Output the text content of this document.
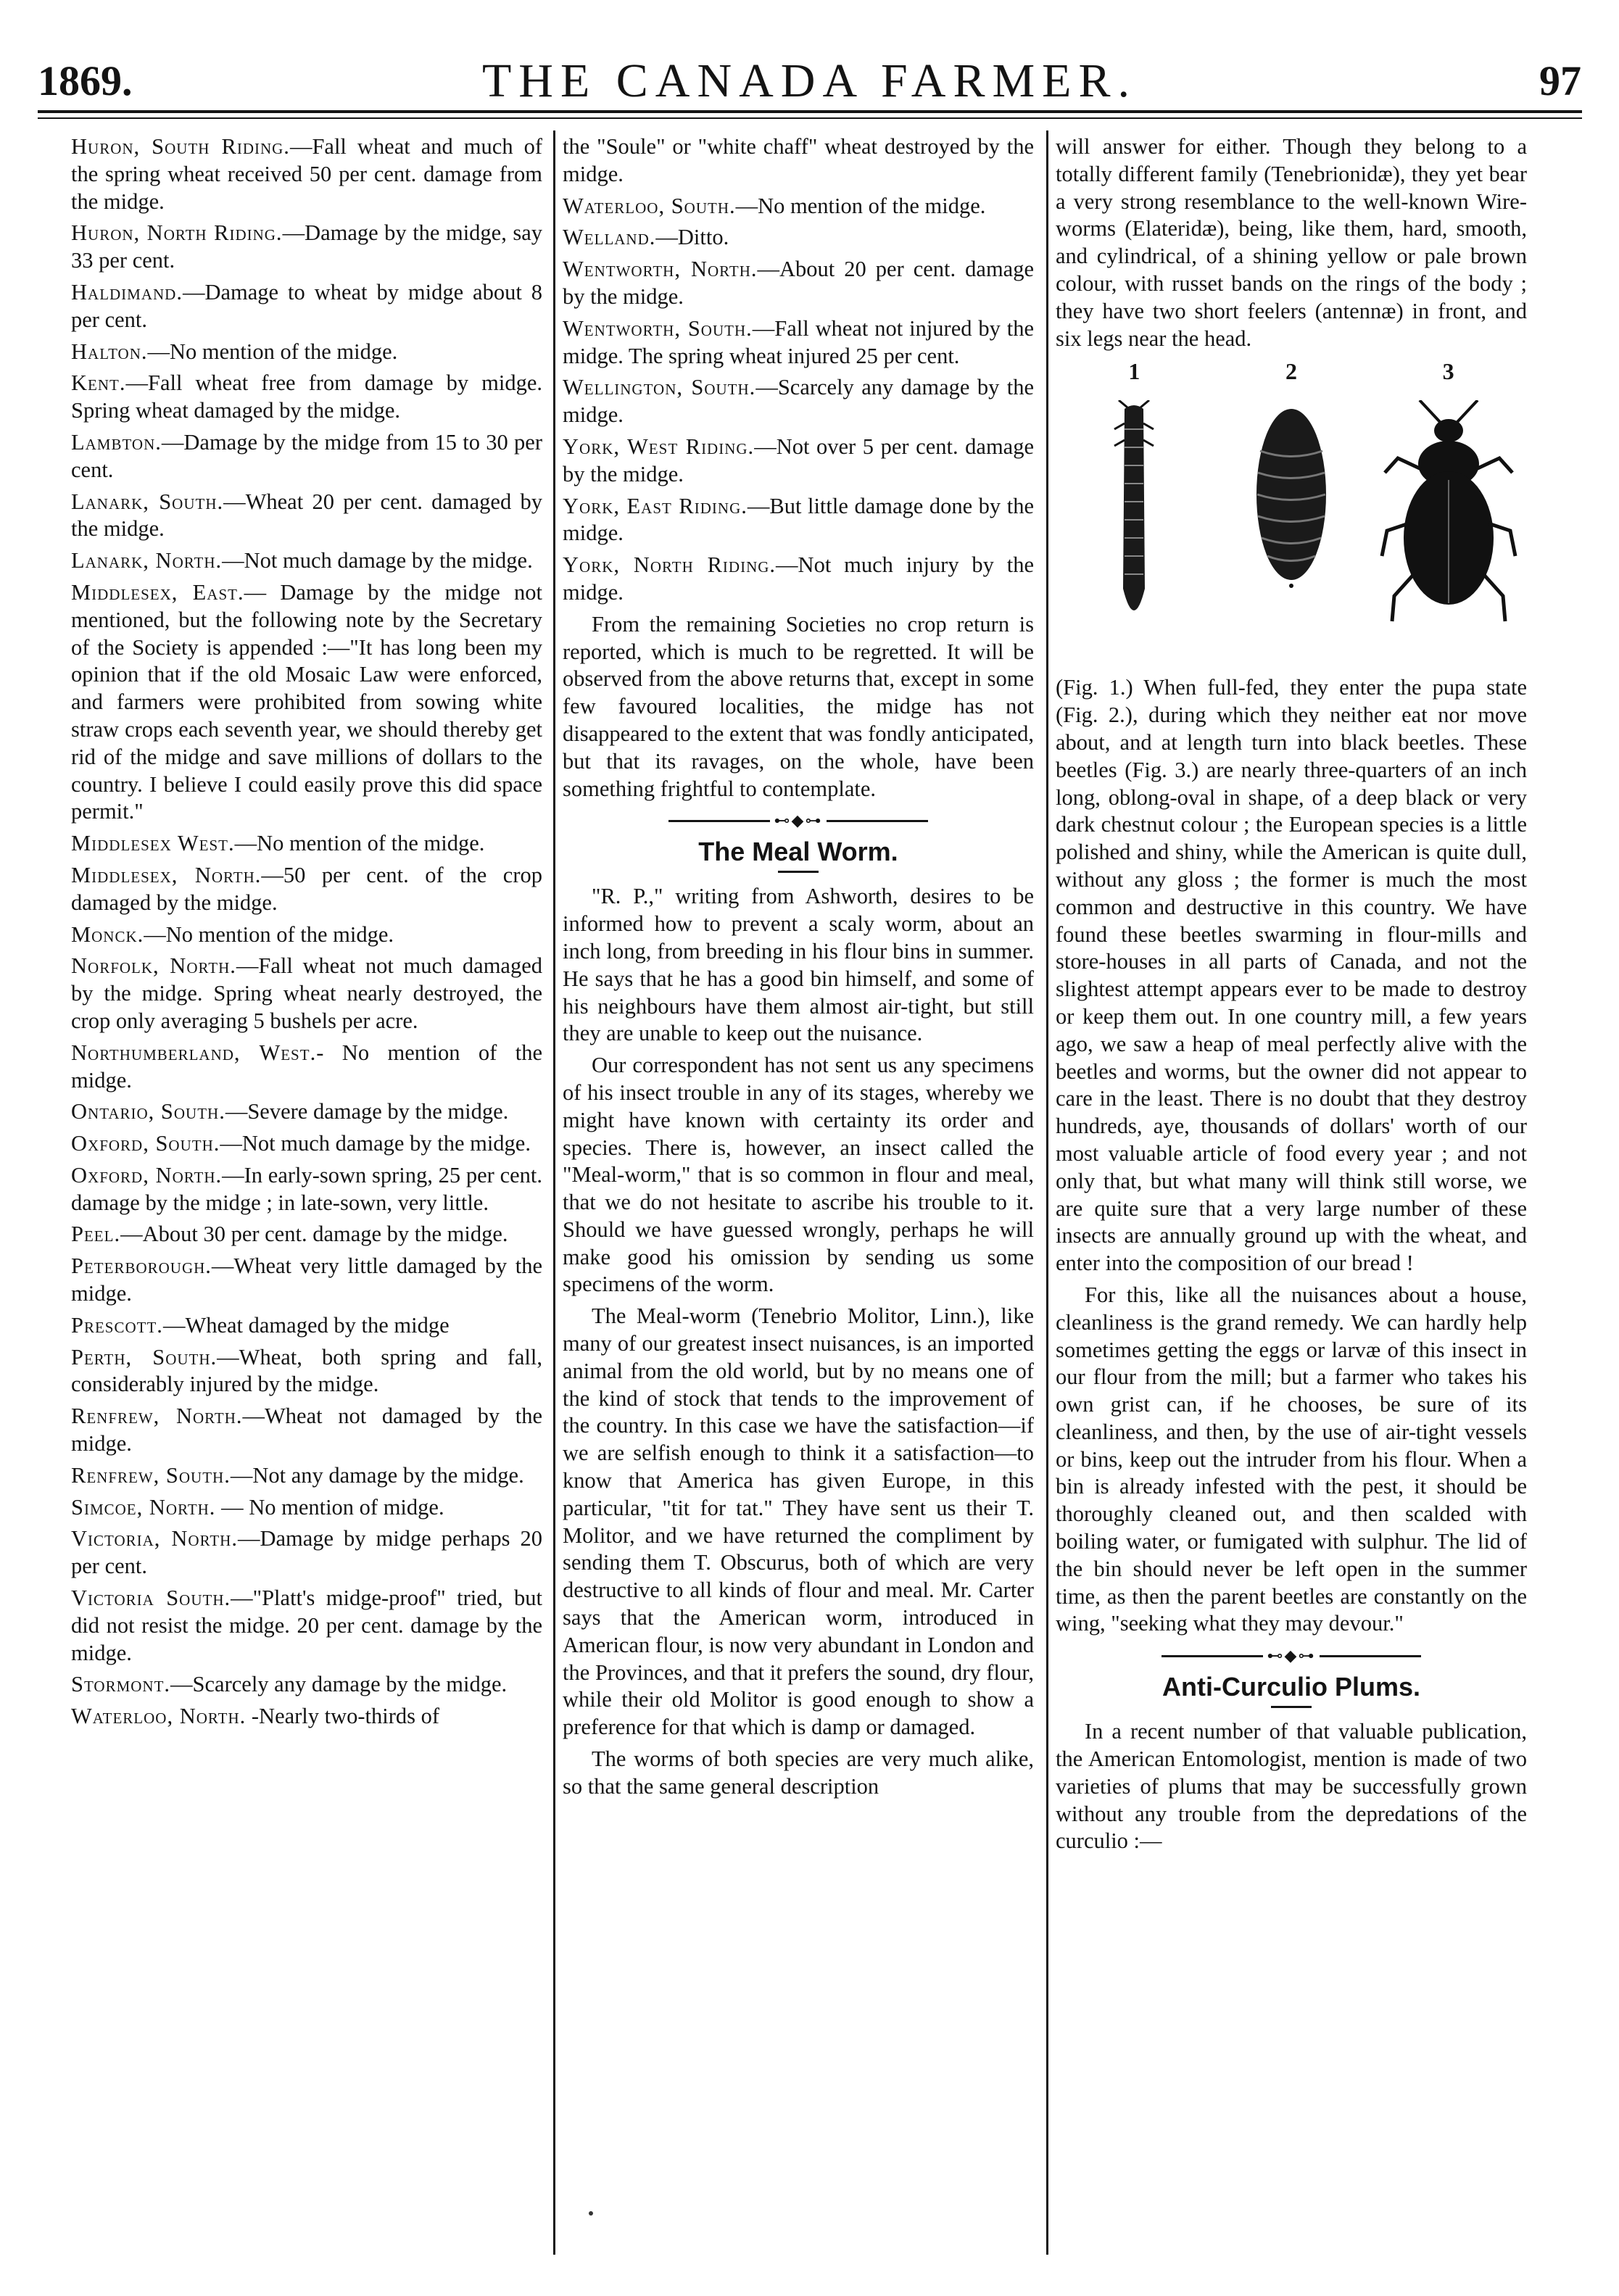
THE CANADA FARMER.
1869.	97

Huron, South Riding.—Fall wheat and much of the spring wheat received 50 per cent. damage from the midge.

Huron, North Riding.—Damage by the midge, say 33 per cent.

Haldimand.—Damage to wheat by midge about 8 per cent.

Halton.—No mention of the midge.

Kent.—Fall wheat free from damage by midge. Spring wheat damaged by the midge.

Lambton.—Damage by the midge from 15 to 30 per cent.

Lanark, South.—Wheat 20 per cent. damaged by the midge.

Lanark, North.—Not much damage by the midge.

Middlesex, East.— Damage by the midge not mentioned, but the following note by the Secretary of the Society is appended :—"It has long been my opinion that if the old Mosaic Law were enforced, and farmers were prohibited from sowing white straw crops each seventh year, we should thereby get rid of the midge and save millions of dollars to the country. I believe I could easily prove this did space permit."

Middlesex West.—No mention of the midge.

Middlesex, North.—50 per cent. of the crop damaged by the midge.

Monck.—No mention of the midge.

Norfolk, North.—Fall wheat not much damaged by the midge. Spring wheat nearly destroyed, the crop only averaging 5 bushels per acre.

Northumberland, West.- No mention of the midge.

Ontario, South.—Severe damage by the midge.

Oxford, South.—Not much damage by the midge.

Oxford, North.—In early-sown spring, 25 per cent. damage by the midge ; in late-sown, very little.

Peel.—About 30 per cent. damage by the midge.

Peterborough.—Wheat very little damaged by the midge.

Prescott.—Wheat damaged by the midge

Perth, South.—Wheat, both spring and fall, considerably injured by the midge.

Renfrew, North.—Wheat not damaged by the midge.

Renfrew, South.—Not any damage by the midge.

Simcoe, North. — No mention of midge.

Victoria, North.—Damage by midge perhaps 20 per cent.

Victoria South.—"Platt's midge-proof" tried, but did not resist the midge. 20 per cent. damage by the midge.

Stormont.—Scarcely any damage by the midge.

Waterloo, North. -Nearly two-thirds of

the "Soule" or "white chaff" wheat destroyed by the midge.

Waterloo, South.—No mention of the midge.

Welland.—Ditto.

Wentworth, North.—About 20 per cent. damage by the midge.

Wentworth, South.—Fall wheat not injured by the midge. The spring wheat injured 25 per cent.

Wellington, South.—Scarcely any damage by the midge.

York, West Riding.—Not over 5 per cent. damage by the midge.

York, East Riding.—But little damage done by the midge.

York, North Riding.—Not much injury by the midge.

From the remaining Societies no crop return is reported, which is much to be regretted. It will be observed from the above returns that, except in some few favoured localities, the midge has not disappeared to the extent that was fondly anticipated, but that its ravages, on the whole, have been something frightful to contemplate.

⊷◆⊶
The Meal Worm.

"R. P.," writing from Ashworth, desires to be informed how to prevent a scaly worm, about an inch long, from breeding in his flour bins in summer. He says that he has a good bin himself, and some of his neighbours have them almost air-tight, but still they are unable to keep out the nuisance.

Our correspondent has not sent us any specimens of his insect trouble in any of its stages, whereby we might have known with certainty its order and species. There is, however, an insect called the "Meal-worm," that is so common in flour and meal, that we do not hesitate to ascribe his trouble to it. Should we have guessed wrongly, perhaps he will make good his omission by sending us some specimens of the worm.

The Meal-worm (Tenebrio Molitor, Linn.), like many of our greatest insect nuisances, is an imported animal from the old world, but by no means one of the kind of stock that tends to the improvement of the country. In this case we have the satisfaction—if we are selfish enough to think it a satisfaction—to know that America has given Europe, in this particular, "tit for tat." They have sent us their T. Molitor, and we have returned the compliment by sending them T. Obscurus, both of which are very destructive to all kinds of flour and meal. Mr. Carter says that the American worm, introduced in American flour, is now very abundant in London and the Provinces, and that it prefers the sound, dry flour, while their old Molitor is good enough to show a preference for that which is damp or damaged.

The worms of both species are very much alike, so that the same general description

will answer for either. Though they belong to a totally different family (Tenebrionidæ), they yet bear a very strong resemblance to the well-known Wire-worms (Elateridæ), being, like them, hard, smooth, and cylindrical, of a shining yellow or pale brown colour, with russet bands on the rings of the body ; they have two short feelers (antennæ) in front, and six legs near the head.

1	2	3

(Fig. 1.) When full-fed, they enter the pupa state (Fig. 2.), during which they neither eat nor move about, and at length turn into black beetles. These beetles (Fig. 3.) are nearly three-quarters of an inch long, oblong-oval in shape, of a deep black or very dark chestnut colour ; the European species is a little polished and shiny, while the American is quite dull, without any gloss ; the former is much the most common and destructive in this country. We have found these beetles swarming in flour-mills and store-houses in all parts of Canada, and not the slightest attempt appears ever to be made to destroy or keep them out. In one country mill, a few years ago, we saw a heap of meal perfectly alive with the beetles and worms, but the owner did not appear to care in the least. There is no doubt that they destroy hundreds, aye, thousands of dollars' worth of our most valuable article of food every year ; and not only that, but what many will think still worse, we are quite sure that a very large number of these insects are annually ground up with the wheat, and enter into the composition of our bread !

For this, like all the nuisances about a house, cleanliness is the grand remedy. We can hardly help sometimes getting the eggs or larvæ of this insect in our flour from the mill; but a farmer who takes his own grist can, if he chooses, be sure of its cleanliness, and then, by the use of air-tight vessels or bins, keep out the intruder from his flour. When a bin is already infested with the pest, it should be thoroughly cleaned out, and then scalded with boiling water, or fumigated with sulphur. The lid of the bin should never be left open in the summer time, as then the parent beetles are constantly on the wing, "seeking what they may devour."

⊷◆⊶
Anti-Curculio Plums.

In a recent number of that valuable publication, the American Entomologist, mention is made of two varieties of plums that may be successfully grown without any trouble from the depredations of the curculio :—
